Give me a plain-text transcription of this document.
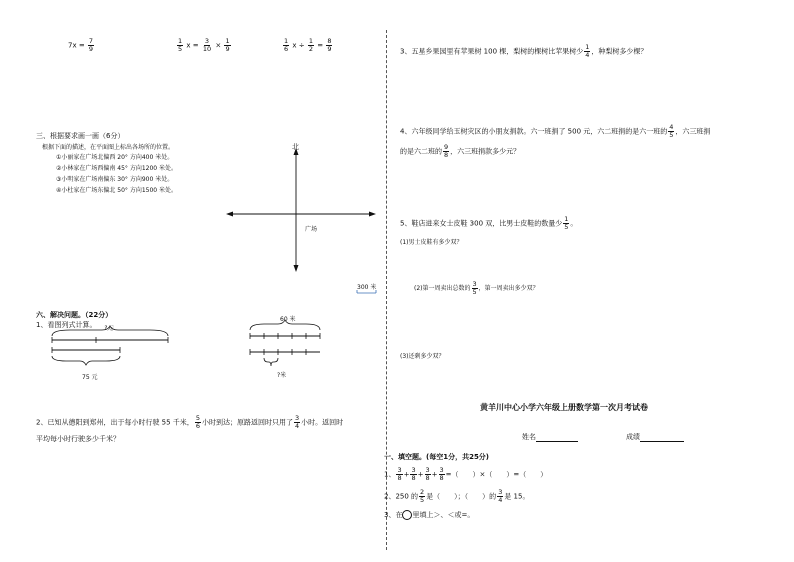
$7x = \frac{7}{9}$	$\frac{1}{5}$ $x = \frac{3}{10} \times \frac{1}{9}$	$\frac{1}{6}$ $x \div \frac{1}{2} = \frac{8}{9}$
三、根据要求画一画（6分）
根据下面的描述，在平面图上标出各场所的位置。
①小丽家在广场北偏西 20° 方向400 米处。
②小林家在广场西偏南 45° 方向1200 米处。
③小明家在广场南偏东 30° 方向900 米处。
④小杜家在广场东偏北 50° 方向1500 米处。
北
广场
300 米
六、解决问题。（22分）
1、看图列式计算。 ?元
75 元
60 米
?米
2、已知从德阳到郑州，出于每小时行驶 55 千米， $\frac{5}{6}$ 小时到达；原路返回时只用了 $\frac{3}{4}$ 小时。返回时
平均每小时行驶多少千米？
3、五星乡果园里有苹果树 100 棵，梨树的棵树比苹果树少 $\frac{1}{4}$ ，种梨树多少棵？
4、六年级同学给玉树灾区的小朋友捐款。六一班捐了 500 元，六二班捐的是六一班的 $\frac{4}{5}$ ，六三班捐
的是六二班的 $\frac{9}{8}$ ，六三班捐款多少元？
5、鞋店进来女士皮鞋 300 双，比男士皮鞋的数量少 $\frac{1}{5}$ 。
(1)男士皮鞋有多少双？
(2)第一周卖出总数的 $\frac{3}{5}$ ，第一周卖出多少双？
(3)还剩多少双？
黄羊川中心小学六年级上册数学第一次月考试卷
姓名	成绩
一、填空题。(每空1分，共25分)
1、 $\frac{3}{8} + \frac{3}{8} + \frac{3}{8} + \frac{3}{8}$ =（　　）×（　　）=（　　）
2、250 的 $\frac{2}{5}$ 是（　　）；（　　）的 $\frac{3}{4}$ 是 15。
3、在 里填上＞、＜或=。
